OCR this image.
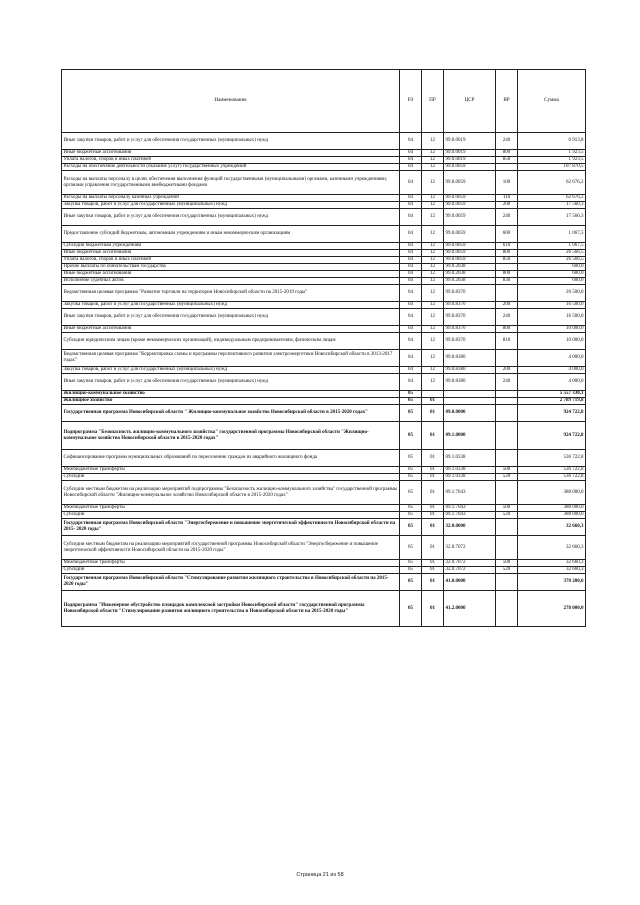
Наименование	РЗ	ПР	ЦСР	ВР	Сумма
Иные закупки товаров, работ и услуг для обеспечения государственных (муниципальных) нужд	04	12	99.0.0019	240	6 913,8
Иные бюджетные ассигнования	04	12	99.0.0019	800	1 923,5
Уплата налогов, сборов и иных платежей	04	12	99.0.0019	850	1 923,5
Расходы на обеспечение деятельности (оказание услуг) государственных учреждений	04	12	99.0.0059		107 870,5
Расходы на выплаты персоналу в целях обеспечения выполнения функций государственными (муниципальными) органами, казенными учреждениями, органами управления государственными внебюджетными фондами	04	12	99.0.0059	100	62 676,2
Расходы на выплаты персоналу казенных учреждений	04	12	99.0.0059	110	62 676,2
Закупка товаров, работ и услуг для государственных (муниципальных) нужд	04	12	99.0.0059	200	17 560,3
Иные закупки товаров, работ и услуг для обеспечения государственных (муниципальных) нужд	04	12	99.0.0059	240	17 560,3
Предоставление субсидий бюджетным, автономным учреждениям и иным некоммерческим организациям	04	12	99.0.0059	600	1 067,5
Субсидии бюджетным учреждениям	04	12	99.0.0059	610	1 067,5
Иные бюджетные ассигнования	04	12	99.0.0059	800	26 566,5
Уплата налогов, сборов и иных платежей	04	12	99.0.0059	850	26 566,5
Прочие выплаты по обязательствам государства	04	12	99.0.2038		600,0
Иные бюджетные ассигнования	04	12	99.0.2038	800	600,0
Исполнение судебных актов	04	12	99.0.2038	830	600,0
Ведомственная целевая программа "Развитие торговли на территории Новосибирской области на 2015-2019 годы"	04	12	99.0.8370		26 500,0
Закупка товаров, работ и услуг для государственных (муниципальных) нужд	04	12	99.0.8370	200	16 500,0
Иные закупки товаров, работ и услуг для обеспечения государственных (муниципальных) нужд	04	12	99.0.8370	240	16 500,0
Иные бюджетные ассигнования	04	12	99.0.8370	800	10 000,0
Субсидии юридическим лицам (кроме некоммерческих организаций), индивидуальным предпринимателям, физическим лицам	04	12	99.0.8370	810	10 000,0
Ведомственная целевая программа "Корректировка схемы и программы перспективного развития электроэнергетики Новосибирской области в 2013-2017 годах"	04	12	99.0.8380		4 000,0
Закупка товаров, работ и услуг для государственных (муниципальных) нужд	04	12	99.0.8380	200	4 000,0
Иные закупки товаров, работ и услуг для обеспечения государственных (муниципальных) нужд	04	12	99.0.8380	240	4 000,0
Жилищно-коммунальное хозяйство	05				5 557 330,1
Жилищное хозяйство	05	01			2 789 719,8
Государственная программа Новосибирской области " Жилищно-коммунальное хозяйство Новосибирской области в 2015-2020 годах"	05	01	09.0.0000		924 722,8
Подпрограмма "Безопасность жилищно-коммунального хозяйства" государственной программы Новосибирской области "Жилищно-коммунальное хозяйство Новосибирской области в 2015-2020 годах"	05	01	09.1.0000		924 722,8
Софинансирование программ муниципальных образований по переселению граждан из аварийного жилищного фонда	05	01	09.1.0338		536 722,8
Межбюджетные трансферты	05	01	09.1.0338	500	536 722,8
Субсидии	05	01	09.1.0338	520	536 722,8
Субсидии местным бюджетам на реализацию мероприятий подпрограммы "Безопасность жилищно-коммунального хозяйства" государственной программы Новосибирской области "Жилищно-коммунальное хозяйство Новосибирской области в 2015-2020 годах"	05	01	09.1.7043		388 000,0
Межбюджетные трансферты	05	01	09.1.7043	500	388 000,0
Субсидии	05	01	09.1.7043	520	388 000,0
Государственная программа Новосибирской области "Энергосбережение и повышение энергетической эффективности Новосибирской области на 2015- 2020 годы"	05	01	32.0.0000		32 660,3
Субсидии местным бюджетам на реализацию мероприятий государственной программы Новосибирской области "Энергосбережение и повышение энергетической эффективности Новосибирской области на 2015-2020 годы"	05	01	32.0.7072		32 660,3
Межбюджетные трансферты	05	01	32.0.7072	500	32 660,3
Субсидии	05	01	32.0.7072	520	32 660,3
Государственная программа Новосибирской области "Стимулирование развития жилищного строительства в Новосибирской области на 2015-2020 годы"	05	01	41.0.0000		370 200,0
Подпрограмма "Инженерное обустройство площадок комплексной застройки Новосибирской области" государственной программы Новосибирской области "Стимулирование развития жилищного строительства в Новосибирской области на 2015-2020 годы"	05	01	41.2.0000		278 000,0
Страница 21 из 58
